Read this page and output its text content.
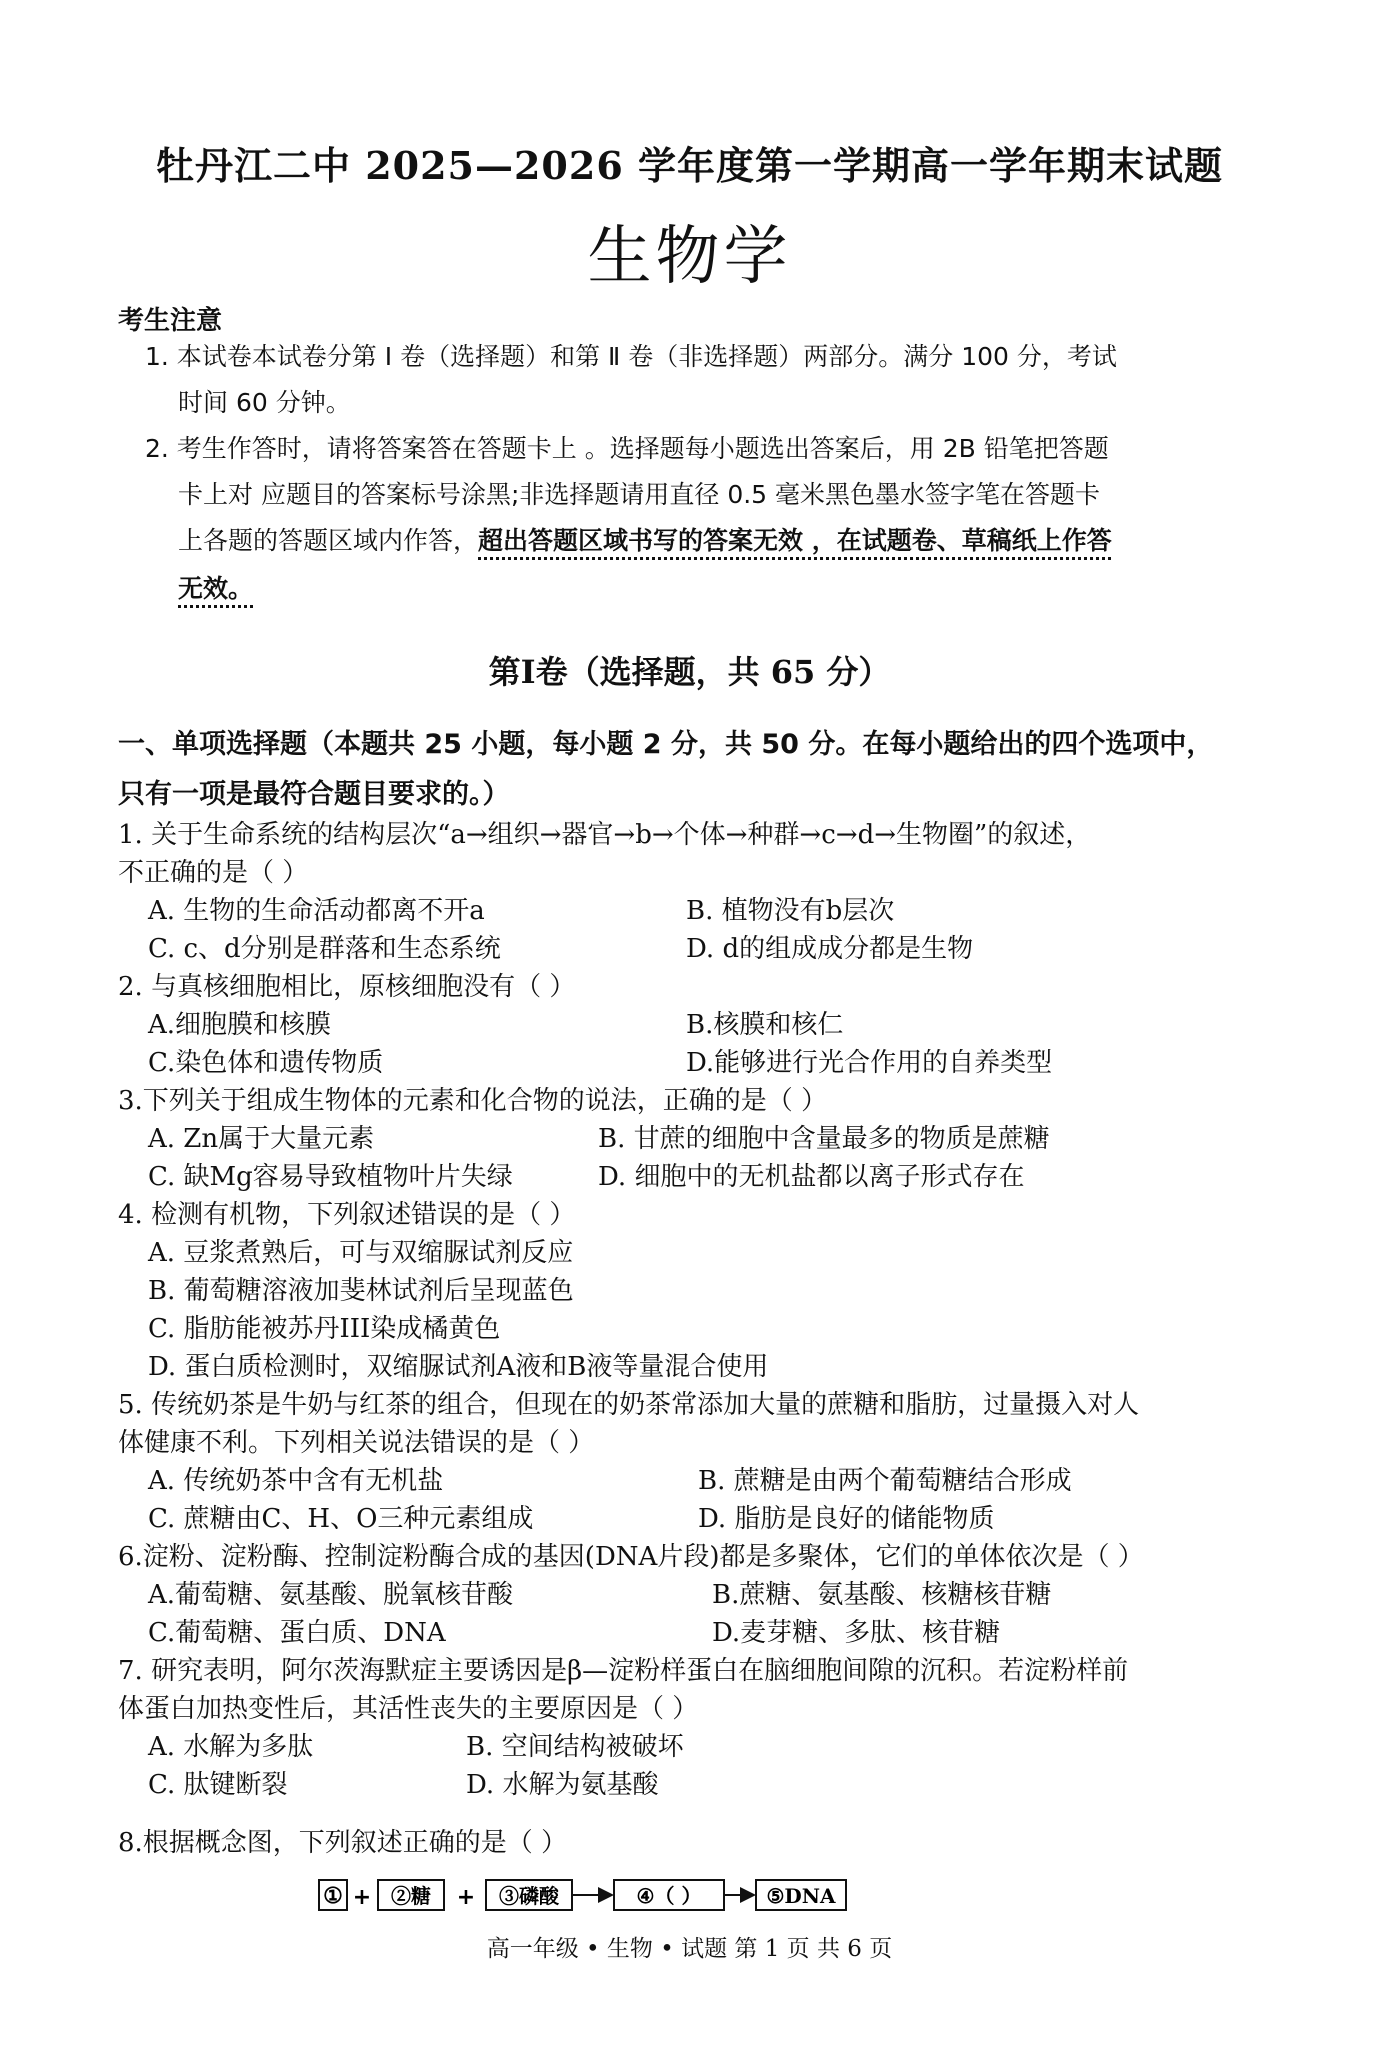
牡丹江二中 2025—2026 学年度第一学期高一学年期末试题
生物学
考生注意
1. 本试卷本试卷分第 Ⅰ 卷（选择题）和第 Ⅱ 卷（非选择题）两部分。满分 100 分，考试
时间 60 分钟。
2. 考生作答时，请将答案答在答题卡上 。选择题每小题选出答案后，用 2B 铅笔把答题
卡上对 应题目的答案标号涂黑;非选择题请用直径 0.5 毫米黑色墨水签字笔在答题卡
上各题的答题区域内作答，超出答题区域书写的答案无效 ，在试题卷、草稿纸上作答
无效。
第Ⅰ卷（选择题，共 65 分）
一、单项选择题（本题共 25 小题，每小题 2 分，共 50 分。在每小题给出的四个选项中，
只有一项是最符合题目要求的。）
1. 关于生命系统的结构层次“a→组织→器官→b→个体→种群→c→d→生物圈”的叙述，
不正确的是（ ）
A. 生物的生命活动都离不开a	B. 植物没有b层次
C. c、d分别是群落和生态系统	D. d的组成成分都是生物
2. 与真核细胞相比，原核细胞没有（ ）
A.细胞膜和核膜	B.核膜和核仁
C.染色体和遗传物质	D.能够进行光合作用的自养类型
3.下列关于组成生物体的元素和化合物的说法，正确的是（ ）
A. Zn属于大量元素	B. 甘蔗的细胞中含量最多的物质是蔗糖
C. 缺Mg容易导致植物叶片失绿	D. 细胞中的无机盐都以离子形式存在
4. 检测有机物，下列叙述错误的是（ ）
A. 豆浆煮熟后，可与双缩脲试剂反应
B. 葡萄糖溶液加斐林试剂后呈现蓝色
C. 脂肪能被苏丹III染成橘黄色
D. 蛋白质检测时，双缩脲试剂A液和B液等量混合使用
5. 传统奶茶是牛奶与红茶的组合，但现在的奶茶常添加大量的蔗糖和脂肪，过量摄入对人
体健康不利。下列相关说法错误的是（ ）
A. 传统奶茶中含有无机盐	B. 蔗糖是由两个葡萄糖结合形成
C. 蔗糖由C、H、O三种元素组成	D. 脂肪是良好的储能物质
6.淀粉、淀粉酶、控制淀粉酶合成的基因(DNA片段)都是多聚体，它们的单体依次是（ ）
A.葡萄糖、氨基酸、脱氧核苷酸	B.蔗糖、氨基酸、核糖核苷糖
C.葡萄糖、蛋白质、DNA	D.麦芽糖、多肽、核苷糖
7. 研究表明，阿尔茨海默症主要诱因是β—淀粉样蛋白在脑细胞间隙的沉积。若淀粉样前
体蛋白加热变性后，其活性丧失的主要原因是（ ）
A. 水解为多肽	B. 空间结构被破坏
C. 肽键断裂	D. 水解为氨基酸
8.根据概念图，下列叙述正确的是（ ）
① + ②糖 + ③磷酸	④（ ）	⑤DNA
高一年级 • 生物 • 试题 第 1 页 共 6 页
